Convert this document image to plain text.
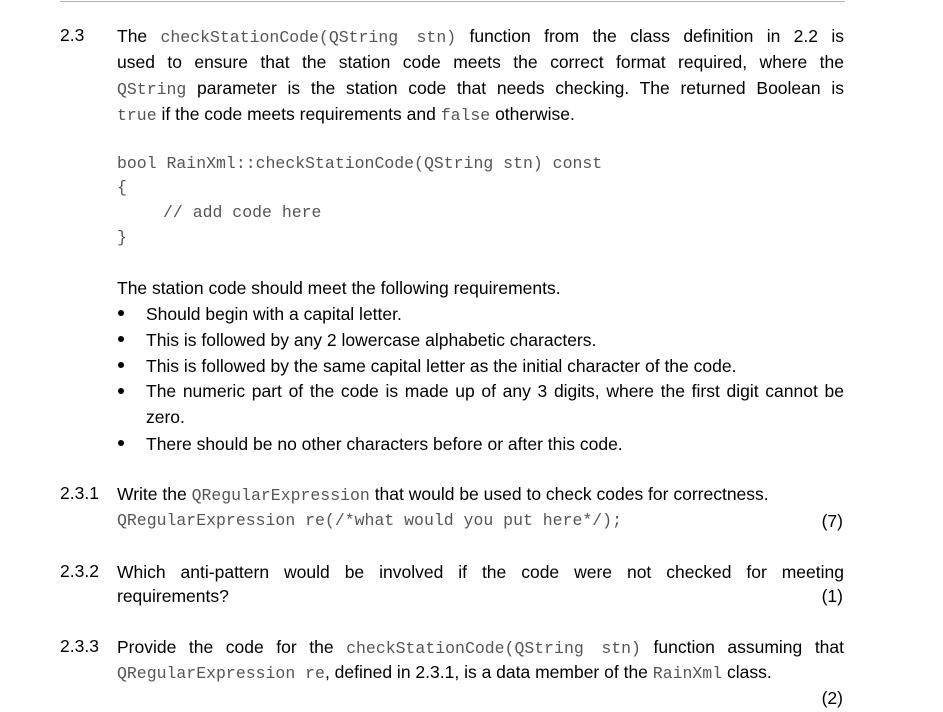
2.3 The checkStationCode(QString stn) function from the class definition in 2.2 is
used to ensure that the station code meets the correct format required, where the
QString parameter is the station code that needs checking. The returned Boolean is
true if the code meets requirements and false otherwise.
bool RainXml::checkStationCode(QString stn) const
{
// add code here
}
The station code should meet the following requirements.
Should begin with a capital letter.
This is followed by any 2 lowercase alphabetic characters.
This is followed by the same capital letter as the initial character of the code.
The numeric part of the code is made up of any 3 digits, where the first digit cannot be zero.
There should be no other characters before or after this code.
2.3.1 Write the QRegularExpression that would be used to check codes for correctness.
QRegularExpression re(/*what would you put here*/);	(7)
2.3.2 Which anti-pattern would be involved if the code were not checked for meeting
requirements?	(1)
2.3.3 Provide the code for the checkStationCode(QString stn) function assuming that
QRegularExpression re, defined in 2.3.1, is a data member of the RainXml class.
(2)
